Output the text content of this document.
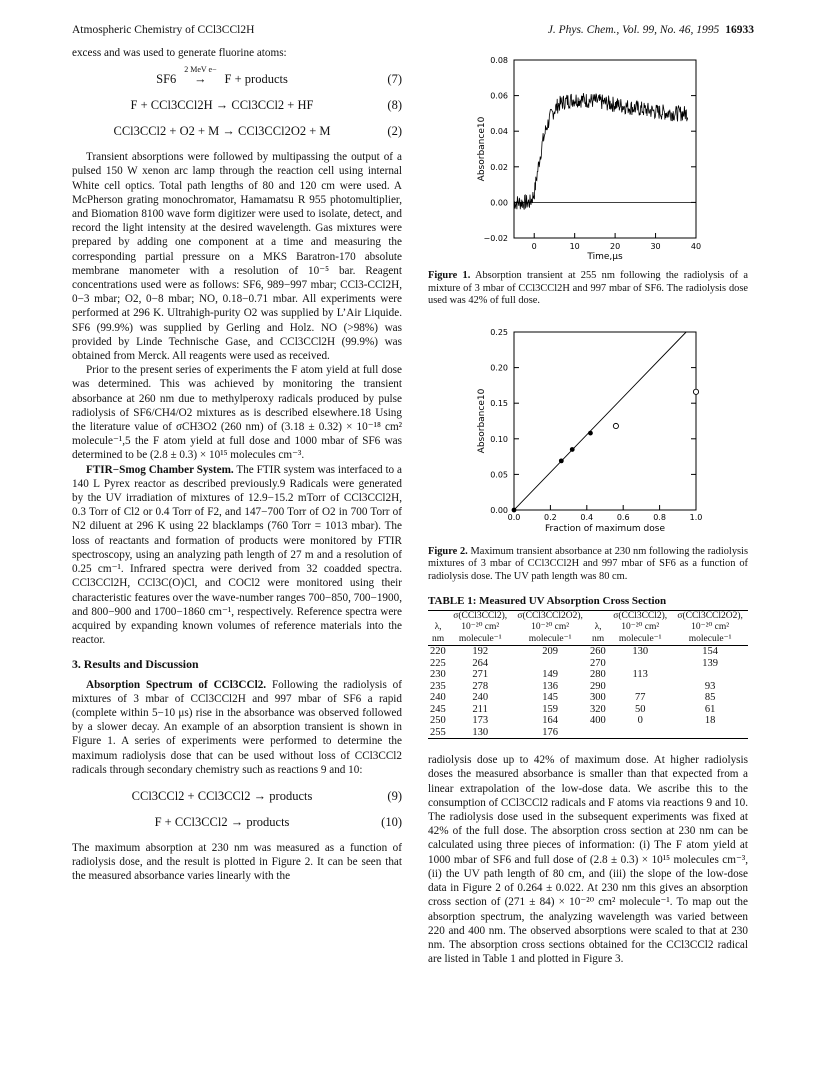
Atmospheric Chemistry of CCl3CCl2H	J. Phys. Chem., Vol. 99, No. 46, 1995 16933

excess and was used to generate fluorine atoms:

SF6
2 MeV e−
→ F + products	(7)
F + CCl3CCl2H → CCl3CCl2 + HF	(8)
CCl3CCl2 + O2 + M → CCl3CCl2O2 + M	(2)

Transient absorptions were followed by multipassing the output of a pulsed 150 W xenon arc lamp through the reaction cell using internal White cell optics. Total path lengths of 80 and 120 cm were used. A McPherson grating monochromator, Hamamatsu R 955 photomultiplier, and Biomation 8100 wave form digitizer were used to isolate, detect, and record the light intensity at the desired wavelength. Gas mixtures were prepared by adding one component at a time and measuring the corresponding partial pressure on a MKS Baratron-170 absolute membrane manometer with a resolution of 10⁻⁵ bar. Reagent concentrations used were as follows: SF6, 989−997 mbar; CCl3-CCl2H, 0−3 mbar; O2, 0−8 mbar; NO, 0.18−0.71 mbar. All experiments were performed at 296 K. Ultrahigh-purity O2 was supplied by L’Air Liquide. SF6 (99.9%) was supplied by Gerling and Holz. NO (>98%) was provided by Linde Technische Gase, and CCl3CCl2H (99.9%) was obtained from Merck. All reagents were used as received.

Prior to the present series of experiments the F atom yield at full dose was determined. This was achieved by monitoring the transient absorbance at 260 nm due to methylperoxy radicals produced by pulse radiolysis of SF6/CH4/O2 mixtures as is described elsewhere.18 Using the literature value of σCH3O2 (260 nm) of (3.18 ± 0.32) × 10⁻¹⁸ cm² molecule⁻¹,5 the F atom yield at full dose and 1000 mbar of SF6 was determined to be (2.8 ± 0.3) × 10¹⁵ molecules cm⁻³.

FTIR−Smog Chamber System. The FTIR system was interfaced to a 140 L Pyrex reactor as described previously.9 Radicals were generated by the UV irradiation of mixtures of 12.9−15.2 mTorr of CCl3CCl2H, 0.3 Torr of Cl2 or 0.4 Torr of F2, and 147−700 Torr of O2 in 700 Torr of N2 diluent at 296 K using 22 blacklamps (760 Torr = 1013 mbar). The loss of reactants and formation of products were monitored by FTIR spectroscopy, using an analyzing path length of 27 m and a resolution of 0.25 cm⁻¹. Infrared spectra were derived from 32 coadded spectra. CCl3CCl2H, CCl3C(O)Cl, and COCl2 were monitored using their characteristic features over the wave-number ranges 700−850, 700−1900, and 800−900 and 1700−1860 cm⁻¹, respectively. Reference spectra were acquired by expanding known volumes of reference materials into the reactor.

3. Results and Discussion

Absorption Spectrum of CCl3CCl2. Following the radiolysis of mixtures of 3 mbar of CCl3CCl2H and 997 mbar of SF6 a rapid (complete within 5−10 μs) rise in the absorbance was observed followed by a slower decay. An example of an absorption transient is shown in Figure 1. A series of experiments were performed to determine the maximum radiolysis dose that can be used without loss of CCl3CCl2 radicals through secondary chemistry such as reactions 9 and 10:

CCl3CCl2 + CCl3CCl2 → products	(9)
F + CCl3CCl2 → products	(10)

The maximum absorption at 230 nm was measured as a function of radiolysis dose, and the result is plotted in Figure 2. It can be seen that the measured absorbance varies linearly with the

0.08
0.06
0.04
0.02
0.00
−0.02
0	10	20	30	40
Time,μs
Absorbance10

Figure 1. Absorption transient at 255 nm following the radiolysis of a mixture of 3 mbar of CCl3CCl2H and 997 mbar of SF6. The radiolysis dose used was 42% of full dose.

0.25
0.20
0.15
0.10
0.05
0.00
0.0	0.2	0.4	0.6	0.8	1.0
Fraction of maximum dose
Absorbance10

Figure 2. Maximum transient absorbance at 230 nm following the radiolysis mixtures of 3 mbar of CCl3CCl2H and 997 mbar of SF6 as a function of radiolysis dose. The UV path length was 80 cm.

TABLE 1: Measured UV Absorption Cross Section
λ, nm	σ(CCl3CCl2), 10⁻²⁰ cm² molecule⁻¹	σ(CCl3CCl2O2), 10⁻²⁰ cm² molecule⁻¹	λ, nm	σ(CCl3CCl2), 10⁻²⁰ cm² molecule⁻¹	σ(CCl3CCl2O2), 10⁻²⁰ cm² molecule⁻¹
220	192	209	260	130	154
225	264		270		139
230	271	149	280	113	
235	278	136	290		93
240	240	145	300	77	85
245	211	159	320	50	61
250	173	164	400	0	18
255	130	176			

radiolysis dose up to 42% of maximum dose. At higher radiolysis doses the measured absorbance is smaller than that expected from a linear extrapolation of the low-dose data. We ascribe this to the consumption of CCl3CCl2 radicals and F atoms via reactions 9 and 10. The radiolysis dose used in the subsequent experiments was fixed at 42% of the full dose. The absorption cross section at 230 nm can be calculated using three pieces of information: (i) The F atom yield at 1000 mbar of SF6 and full dose of (2.8 ± 0.3) × 10¹⁵ molecules cm⁻³, (ii) the UV path length of 80 cm, and (iii) the slope of the low-dose data in Figure 2 of 0.264 ± 0.022. At 230 nm this gives an absorption cross section of (271 ± 84) × 10⁻²⁰ cm² molecule⁻¹. To map out the absorption spectrum, the analyzing wavelength was varied between 220 and 400 nm. The observed absorptions were scaled to that at 230 nm. The absorption cross sections obtained for the CCl3CCl2 radical are listed in Table 1 and plotted in Figure 3.
